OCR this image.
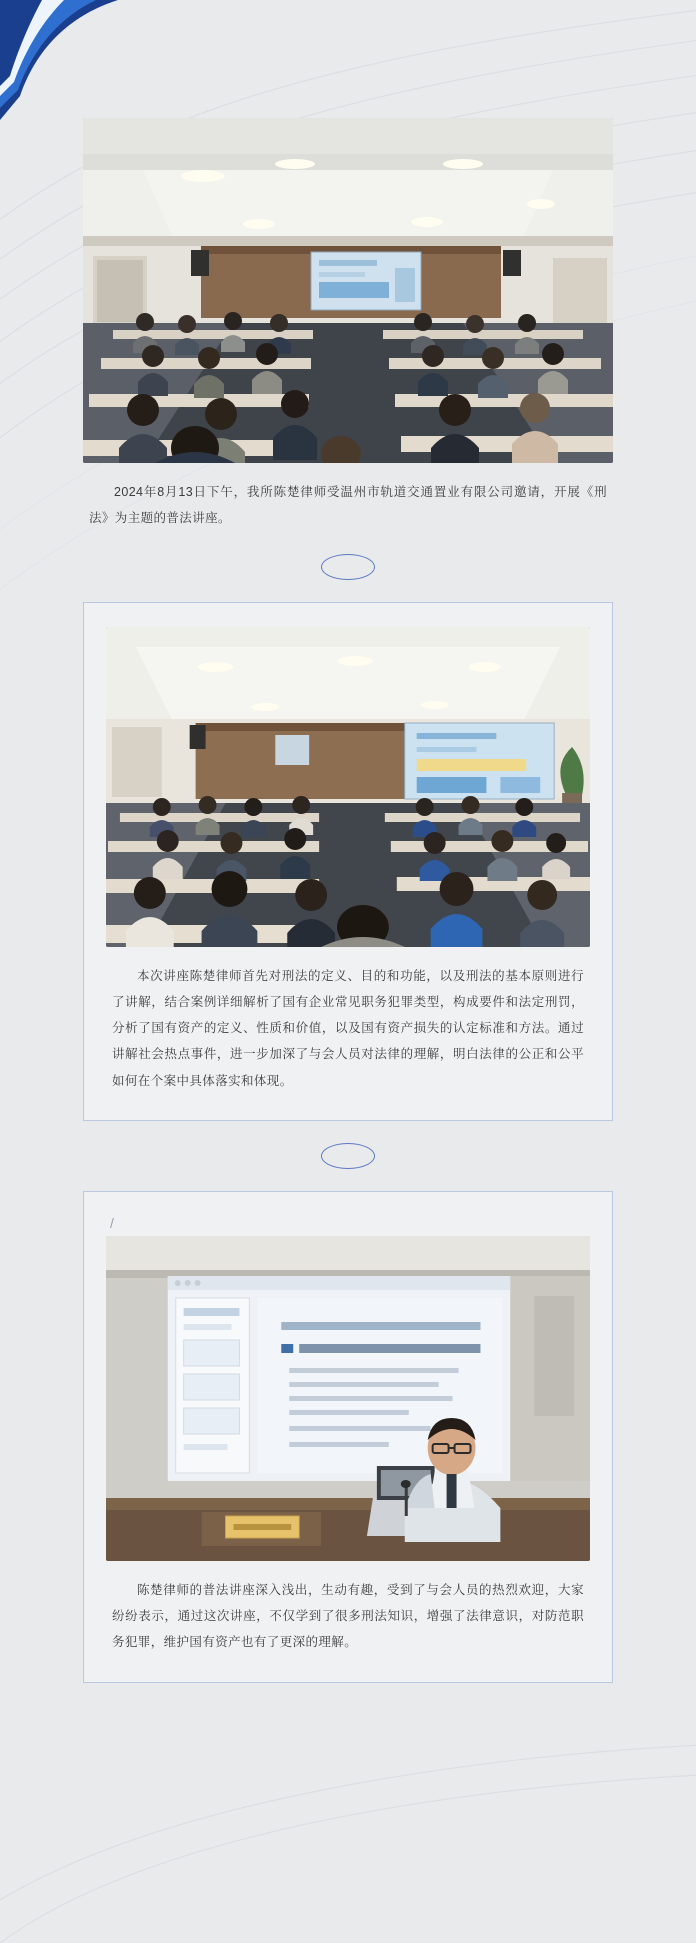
2024年8月13日下午，我所陈楚律师受温州市轨道交通置业有限公司邀请，开展《刑法》为主题的普法讲座。
本次讲座陈楚律师首先对刑法的定义、目的和功能，以及刑法的基本原则进行了讲解，结合案例详细解析了国有企业常见职务犯罪类型，构成要件和法定刑罚，分析了国有资产的定义、性质和价值，以及国有资产损失的认定标准和方法。通过讲解社会热点事件，进一步加深了与会人员对法律的理解，明白法律的公正和公平如何在个案中具体落实和体现。
/
陈楚律师的普法讲座深入浅出，生动有趣，受到了与会人员的热烈欢迎，大家纷纷表示，通过这次讲座，不仅学到了很多刑法知识，增强了法律意识，对防范职务犯罪，维护国有资产也有了更深的理解。
